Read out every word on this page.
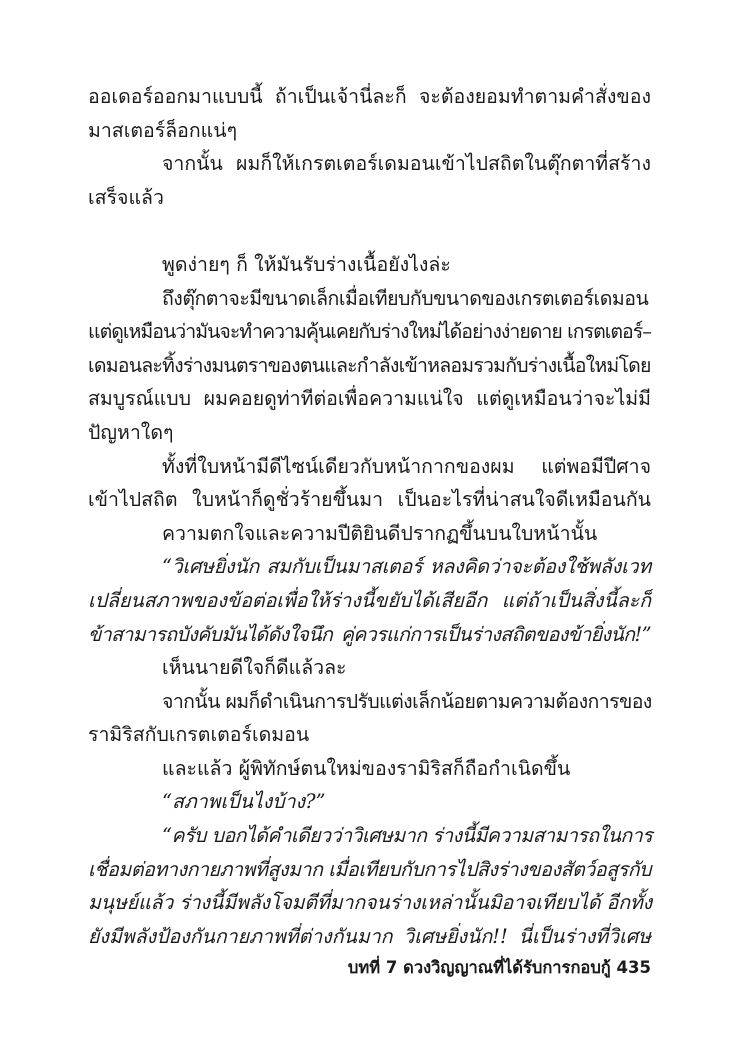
ออเดอร์ออกมาแบบนี้ ถ้าเป็นเจ้านี่ละก็ จะต้องยอมทำตามคำสั่งของ
มาสเตอร์ล็อกแน่ๆ
จากนั้น ผมก็ให้เกรตเตอร์เดมอนเข้าไปสถิตในตุ๊กตาที่สร้าง
เสร็จแล้ว
พูดง่ายๆ ก็ ให้มันรับร่างเนื้อยังไงล่ะ
ถึงตุ๊กตาจะมีขนาดเล็กเมื่อเทียบกับขนาดของเกรตเตอร์เดมอน
แต่ดูเหมือนว่ามันจะทำความคุ้นเคยกับร่างใหม่ได้อย่างง่ายดาย เกรตเตอร์–
เดมอนละทิ้งร่างมนตราของตนและกำลังเข้าหลอมรวมกับร่างเนื้อใหม่โดย
สมบูรณ์แบบ ผมคอยดูท่าทีต่อเพื่อความแน่ใจ แต่ดูเหมือนว่าจะไม่มี
ปัญหาใดๆ
ทั้งที่ใบหน้ามีดีไซน์เดียวกับหน้ากากของผม แต่พอมีปีศาจ
เข้าไปสถิต ใบหน้าก็ดูชั่วร้ายขึ้นมา เป็นอะไรที่น่าสนใจดีเหมือนกัน
ความตกใจและความปีติยินดีปรากฏขึ้นบนใบหน้านั้น
“วิเศษยิ่งนัก สมกับเป็นมาสเตอร์ หลงคิดว่าจะต้องใช้พลังเวท
เปลี่ยนสภาพของข้อต่อเพื่อให้ร่างนี้ขยับได้เสียอีก แต่ถ้าเป็นสิ่งนี้ละก็
ข้าสามารถบังคับมันได้ดังใจนึก คู่ควรแก่การเป็นร่างสถิตของข้ายิ่งนัก!”
เห็นนายดีใจก็ดีแล้วละ
จากนั้น ผมก็ดำเนินการปรับแต่งเล็กน้อยตามความต้องการของ
รามิริสกับเกรตเตอร์เดมอน
และแล้ว ผู้พิทักษ์ตนใหม่ของรามิริสก็ถือกำเนิดขึ้น
“สภาพเป็นไงบ้าง?”
“ครับ บอกได้คำเดียวว่าวิเศษมาก ร่างนี้มีความสามารถในการ
เชื่อมต่อทางกายภาพที่สูงมาก เมื่อเทียบกับการไปสิงร่างของสัตว์อสูรกับ
มนุษย์แล้ว ร่างนี้มีพลังโจมตีที่มากจนร่างเหล่านั้นมิอาจเทียบได้ อีกทั้ง
ยังมีพลังป้องกันกายภาพที่ต่างกันมาก วิเศษยิ่งนัก!! นี่เป็นร่างที่วิเศษ
บทที่ 7 ดวงวิญญาณที่ได้รับการกอบกู้ 435
